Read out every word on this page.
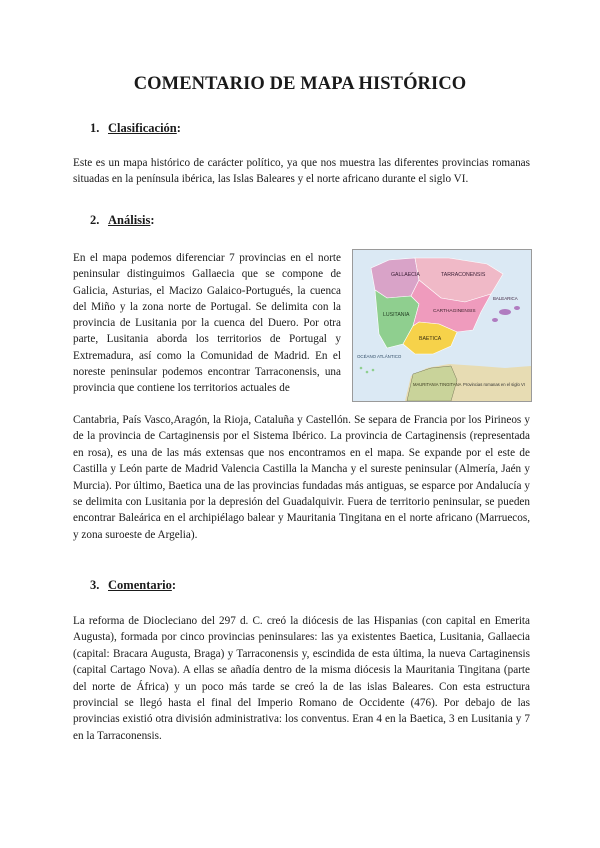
COMENTARIO DE MAPA HISTÓRICO
1. Clasificación:

Este es un mapa histórico de carácter político, ya que nos muestra las diferentes provincias romanas situadas en la península ibérica, las Islas Baleares y el norte africano durante el siglo VI.

2. Análisis:

En el mapa podemos diferenciar 7 provincias en el norte peninsular distinguimos Gallaecia que se compone de Galicia, Asturias, el Macizo Galaico-Portugués, la cuenca del Miño y la zona norte de Portugal. Se delimita con la provincia de Lusitania por la cuenca del Duero. Por otra parte, Lusitania aborda los territorios de Portugal y Extremadura, así como la Comunidad de Madrid. En el noreste peninsular podemos encontrar Tarraconensis, una provincia que contiene los territorios actuales de

Cantabria, País Vasco,Aragón, la Rioja, Cataluña y Castellón. Se separa de Francia por los Pirineos y de la provincia de Cartaginensis por el Sistema Ibérico. La provincia de Cartaginensis (representada en rosa), es una de las más extensas que nos encontramos en el mapa. Se expande por el este de Castilla y León parte de Madrid Valencia Castilla la Mancha y el sureste peninsular (Almería, Jaén y Murcia). Por último, Baetica una de las provincias fundadas más antiguas, se esparce por Andalucía y se delimita con Lusitania por la depresión del Guadalquivir. Fuera de territorio peninsular, se pueden encontrar Baleárica en el archipiélago balear y Mauritania Tingitana en el norte africano (Marruecos, y zona suroeste de Argelia).

GALLAECIA	TARRACONENSIS
LUSITANIA
CARTHAGINENSIS
BAETICA
BALEARICA
OCÉANO ATLÁNTICO
MAURITANIA TINGITANA Provincias romanas en el siglo VI
3. Comentario:

La reforma de Diocleciano del 297 d. C. creó la diócesis de las Hispanias (con capital en Emerita Augusta), formada por cinco provincias peninsulares: las ya existentes Baetica, Lusitania, Gallaecia (capital: Bracara Augusta, Braga) y Tarraconensis y, escindida de esta última, la nueva Cartaginensis (capital Cartago Nova). A ellas se añadía dentro de la misma diócesis la Mauritania Tingitana (parte del norte de África) y un poco más tarde se creó la de las islas Baleares. Con esta estructura provincial se llegó hasta el final del Imperio Romano de Occidente (476). Por debajo de las provincias existió otra división administrativa: los conventus. Eran 4 en la Baetica, 3 en Lusitania y 7 en la Tarraconensis.
